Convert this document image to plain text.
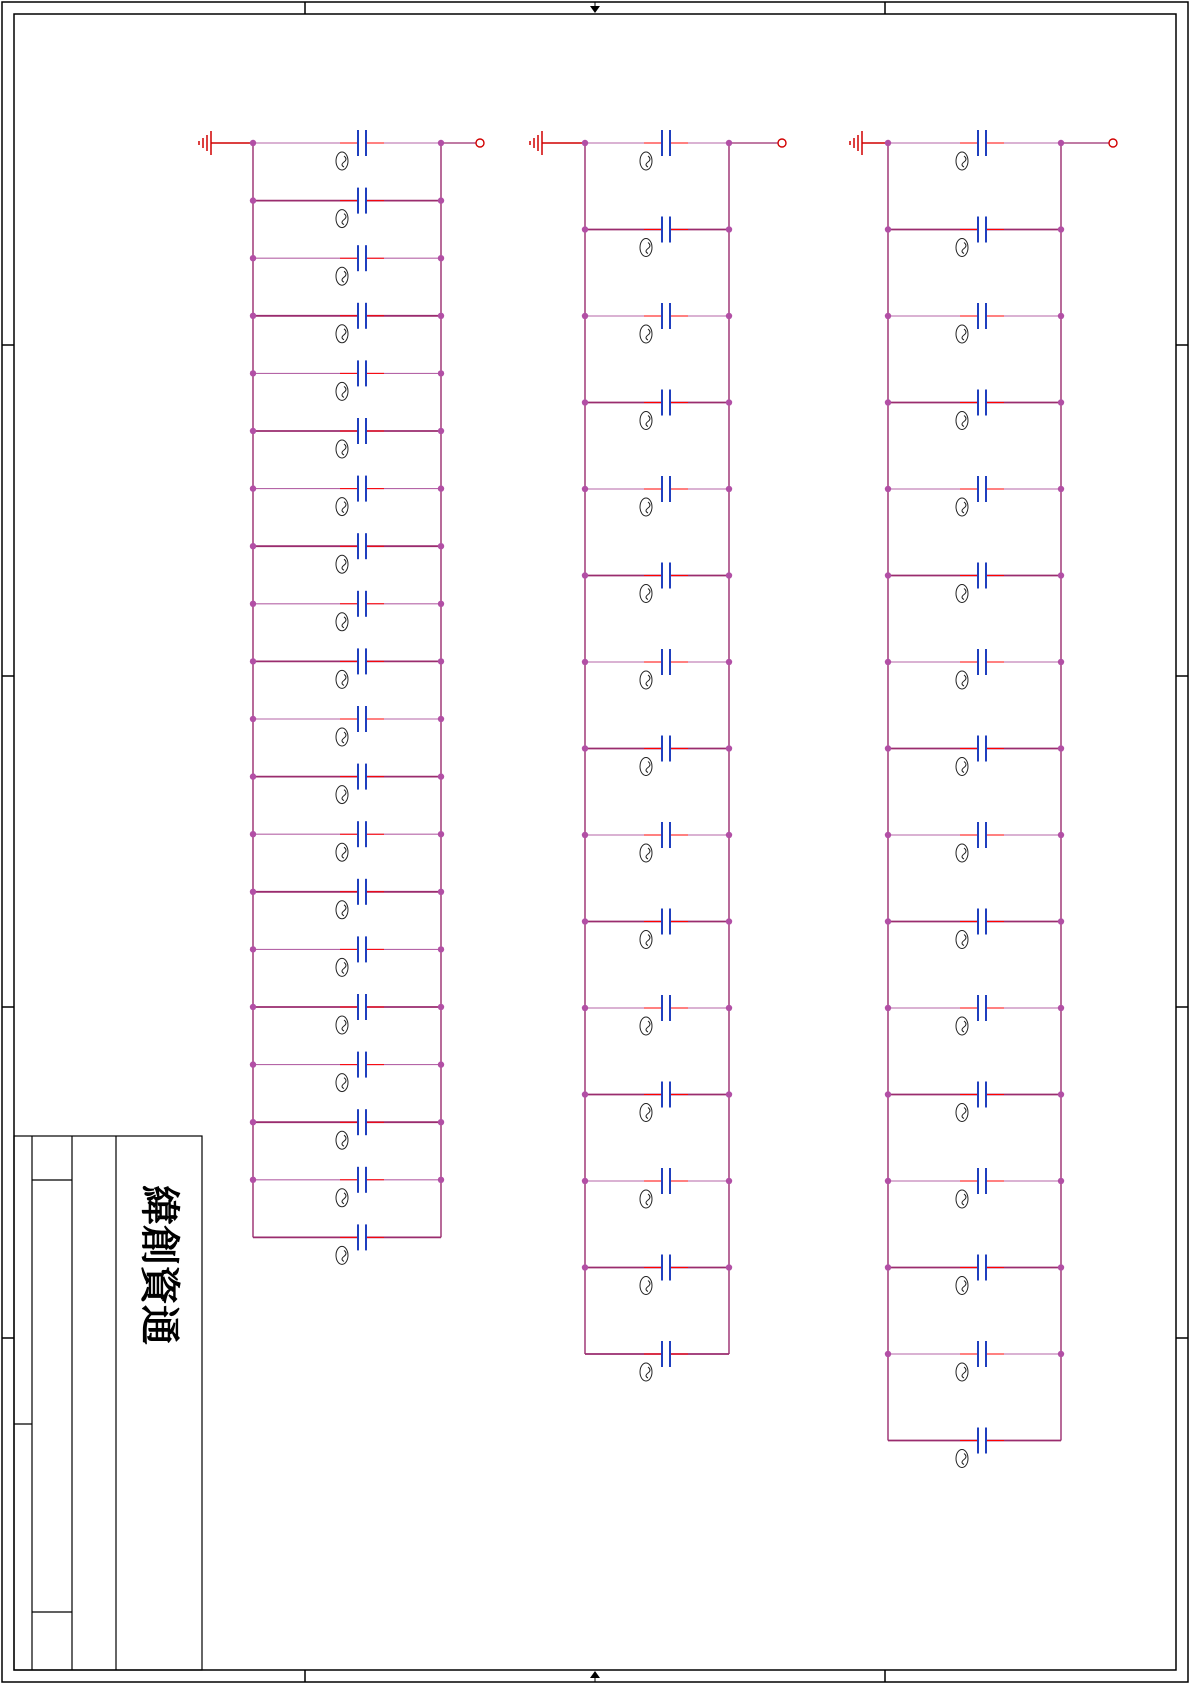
緯創資通
